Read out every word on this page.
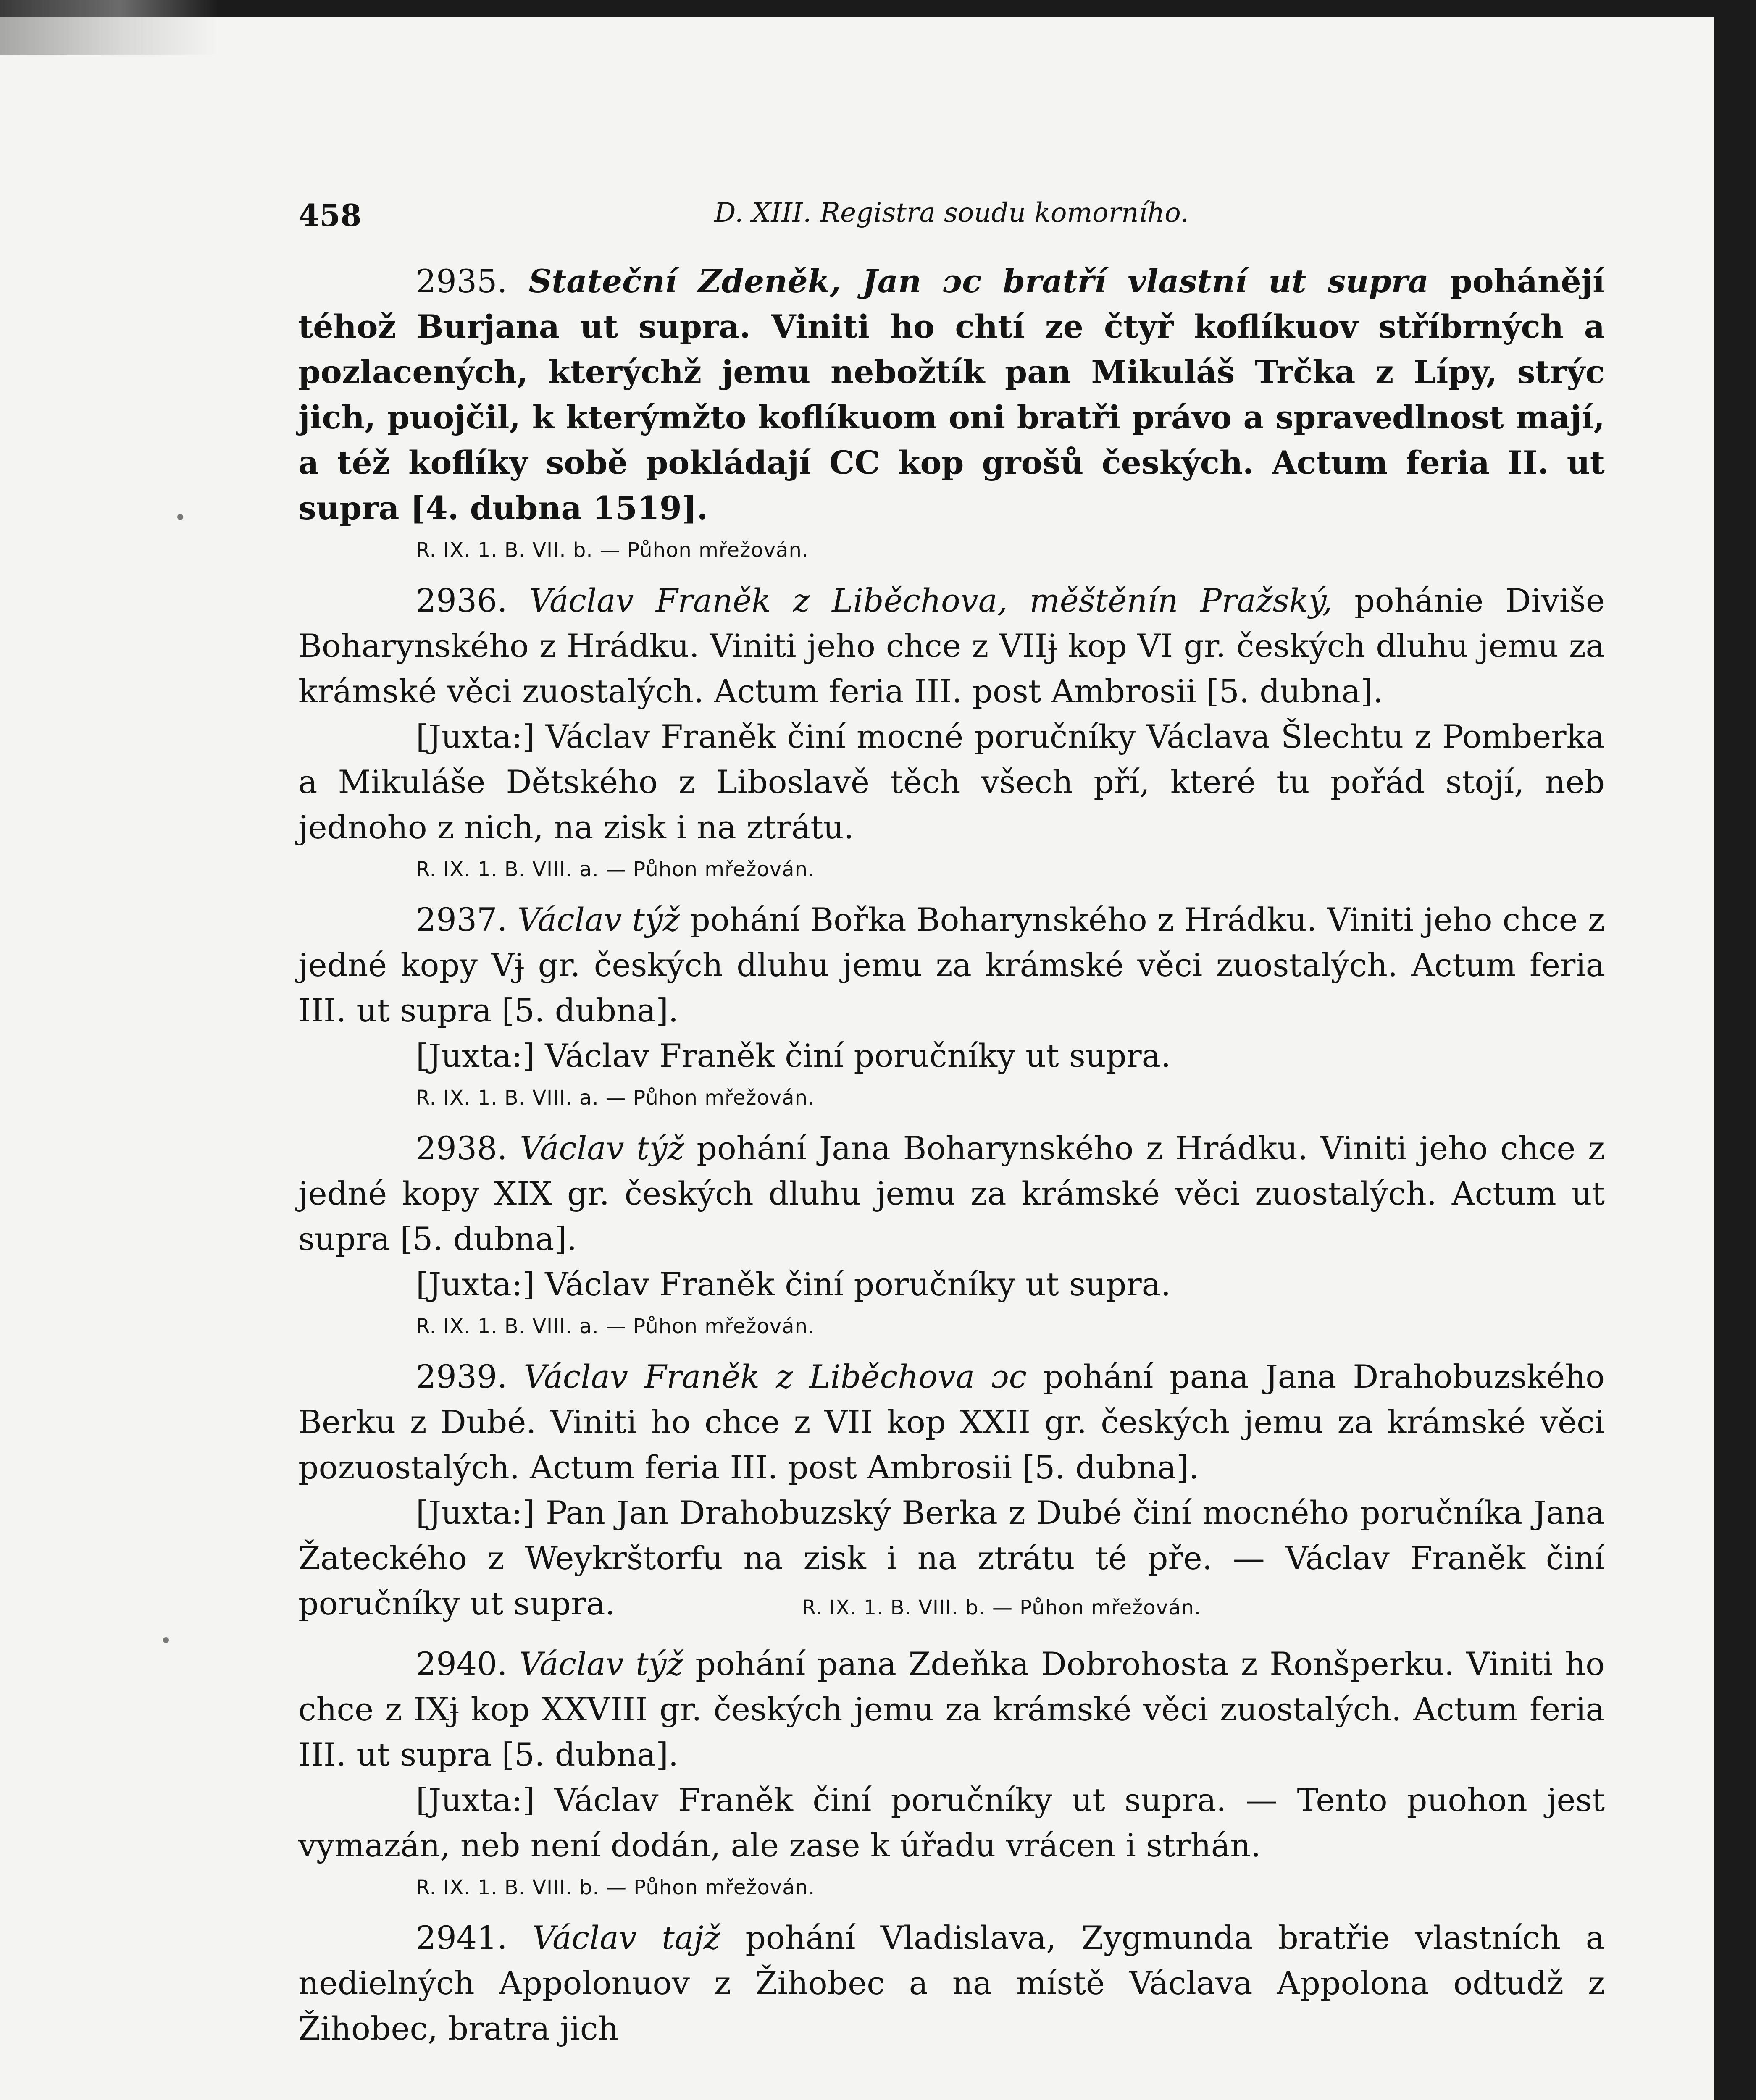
458	D. XIII. Registra soudu komorního.

2935. Stateční Zdeněk, Jan ɔc bratří vlastní ut supra pohánějí téhož Burjana ut supra. Viniti ho chtí ze čtyř koflíkuov stříbrných a pozlacených, kterýchž jemu nebožtík pan Mikuláš Trčka z Lípy, strýc jich, puojčil, k kterýmžto koflíkuom oni bratři právo a spravedlnost mají, a též koflíky sobě pokládají CC kop grošů českých. Actum feria II. ut supra [4. dubna 1519].

R. IX. 1. B. VII. b. — Půhon mřežován.

2936. Václav Franěk z Liběchova, měštěnín Pražský, pohánie Diviše Boharynského z Hrádku. Viniti jeho chce z VIIɉ kop VI gr. českých dluhu jemu za krámské věci zuostalých. Actum feria III. post Ambrosii [5. dubna].

[Juxta:] Václav Franěk činí mocné poručníky Václava Šlechtu z Pomberka a Mikuláše Dětského z Liboslavě těch všech pří, které tu pořád stojí, neb jednoho z nich, na zisk i na ztrátu.

R. IX. 1. B. VIII. a. — Půhon mřežován.

2937. Václav týž pohání Bořka Boharynského z Hrádku. Viniti jeho chce z jedné kopy Vɉ gr. českých dluhu jemu za krámské věci zuostalých. Actum feria III. ut supra [5. dubna].

[Juxta:] Václav Franěk činí poručníky ut supra.

R. IX. 1. B. VIII. a. — Půhon mřežován.

2938. Václav týž pohání Jana Boharynského z Hrádku. Viniti jeho chce z jedné kopy XIX gr. českých dluhu jemu za krámské věci zuostalých. Actum ut supra [5. dubna].

[Juxta:] Václav Franěk činí poručníky ut supra.

R. IX. 1. B. VIII. a. — Půhon mřežován.

2939. Václav Franěk z Liběchova ɔc pohání pana Jana Drahobuzského Berku z Dubé. Viniti ho chce z VII kop XXII gr. českých jemu za krámské věci pozuostalých. Actum feria III. post Ambrosii [5. dubna].

[Juxta:] Pan Jan Drahobuzský Berka z Dubé činí mocného poručníka Jana Žateckého z Weykrštorfu na zisk i na ztrátu té pře. — Václav Franěk činí poručníky ut supra.	R. IX. 1. B. VIII. b. — Půhon mřežován.

2940. Václav týž pohání pana Zdeňka Dobrohosta z Ronšperku. Viniti ho chce z IXɉ kop XXVIII gr. českých jemu za krámské věci zuostalých. Actum feria III. ut supra [5. dubna].

[Juxta:] Václav Franěk činí poručníky ut supra. — Tento puohon jest vymazán, neb není dodán, ale zase k úřadu vrácen i strhán.

R. IX. 1. B. VIII. b. — Půhon mřežován.

2941. Václav tajž pohání Vladislava, Zygmunda bratřie vlastních a nedielných Appolonuov z Žihobec a na místě Václava Appolona odtudž z Žihobec, bratra jich
